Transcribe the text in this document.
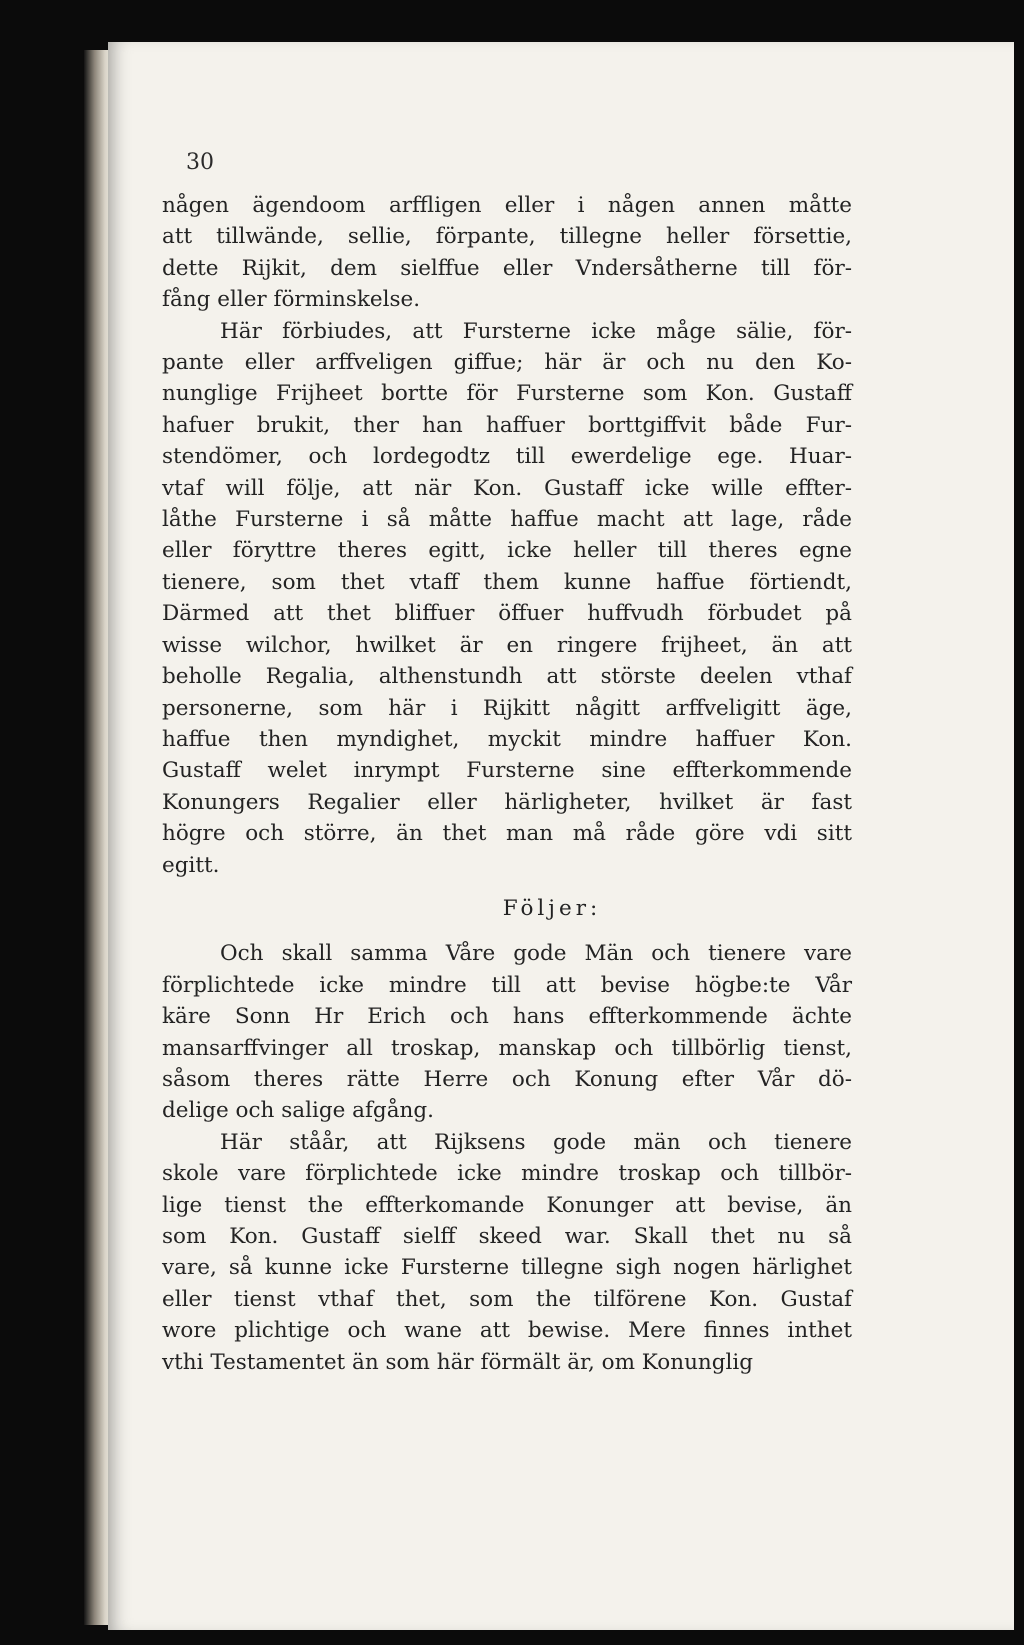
30
någen ägendoom arffligen eller i någen annen måtte
att tillwände, sellie, förpante, tillegne heller försettie,
dette Rijkit, dem sielffue eller Vndersåtherne till för-
fång eller förminskelse.
Här förbiudes, att Fursterne icke måge sälie, för-
pante eller arffveligen giffue; här är och nu den Ko-
nunglige Frijheet bortte för Fursterne som Kon. Gustaff
hafuer brukit, ther han haffuer borttgiffvit både Fur-
stendömer, och lordegodtz till ewerdelige ege. Huar-
vtaf will följe, att när Kon. Gustaff icke wille effter-
låthe Fursterne i så måtte haffue macht att lage, råde
eller föryttre theres egitt, icke heller till theres egne
tienere, som thet vtaff them kunne haffue förtiendt,
Därmed att thet bliffuer öffuer huffvudh förbudet på
wisse wilchor, hwilket är en ringere frijheet, än att
beholle Regalia, althenstundh att störste deelen vthaf
personerne, som här i Rijkitt någitt arffveligitt äge,
haffue then myndighet, myckit mindre haffuer Kon.
Gustaff welet inrympt Fursterne sine effterkommende
Konungers Regalier eller härligheter, hvilket är fast
högre och större, än thet man må råde göre vdi sitt
egitt.
Följer:
Och skall samma Våre gode Män och tienere vare
förplichtede icke mindre till att bevise högbe:te Vår
käre Sonn Hr Erich och hans effterkommende ächte
mansarffvinger all troskap, manskap och tillbörlig tienst,
såsom theres rätte Herre och Konung efter Vår dö-
delige och salige afgång.
Här ståår, att Rijksens gode män och tienere
skole vare förplichtede icke mindre troskap och tillbör-
lige tienst the effterkomande Konunger att bevise, än
som Kon. Gustaff sielff skeed war. Skall thet nu så
vare, så kunne icke Fursterne tillegne sigh nogen härlighet
eller tienst vthaf thet, som the tilförene Kon. Gustaf
wore plichtige och wane att bewise. Mere finnes inthet
vthi Testamentet än som här förmält är, om Konunglig
